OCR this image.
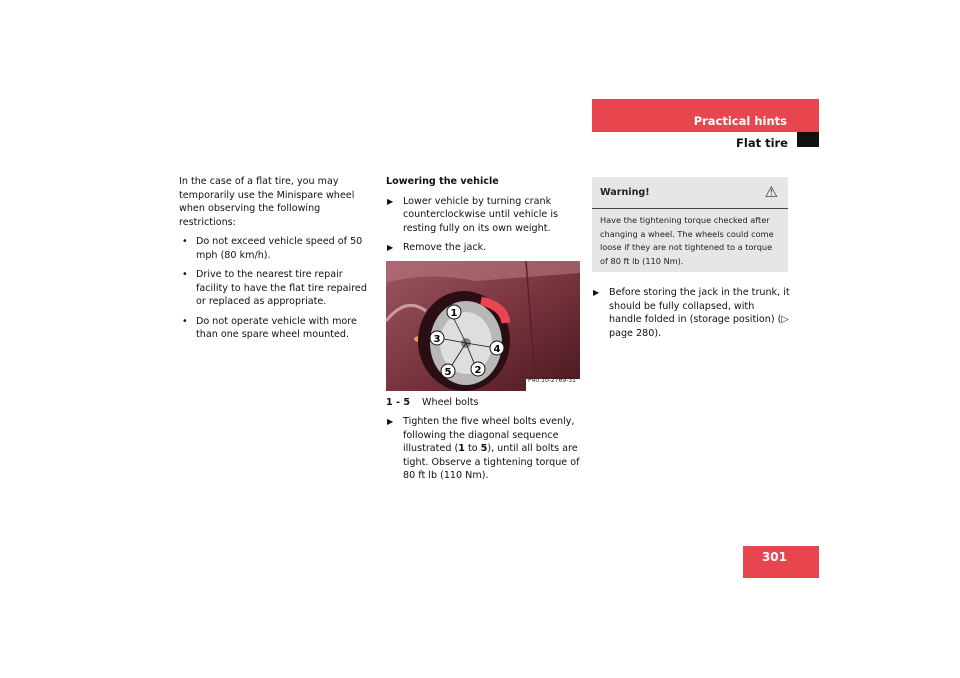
Practical hints
Flat tire

In the case of a flat tire, you may temporarily use the Minispare wheel when observing the following restrictions:

• Do not exceed vehicle speed of 50 mph (80 km/h).
• Drive to the nearest tire repair facility to have the flat tire repaired or replaced as appropriate.
• Do not operate vehicle with more than one spare wheel mounted.

Lowering the vehicle

▶ Lower vehicle by turning crank counterclockwise until vehicle is resting fully on its own weight.
▶ Remove the jack.
1
3
4
2
5
P40.10-2769-31
1 - 5	Wheel bolts
▶ Tighten the five wheel bolts evenly, following the diagonal sequence illustrated (1 to 5), until all bolts are tight. Observe a tightening torque of 80 ft lb (110 Nm).
Warning!	⚠
Have the tightening torque checked after changing a wheel. The wheels could come loose if they are not tightened to a torque of 80 ft lb (110 Nm).
▶ Before storing the jack in the trunk, it should be fully collapsed, with handle folded in (storage position) (▷ page 280).
301
